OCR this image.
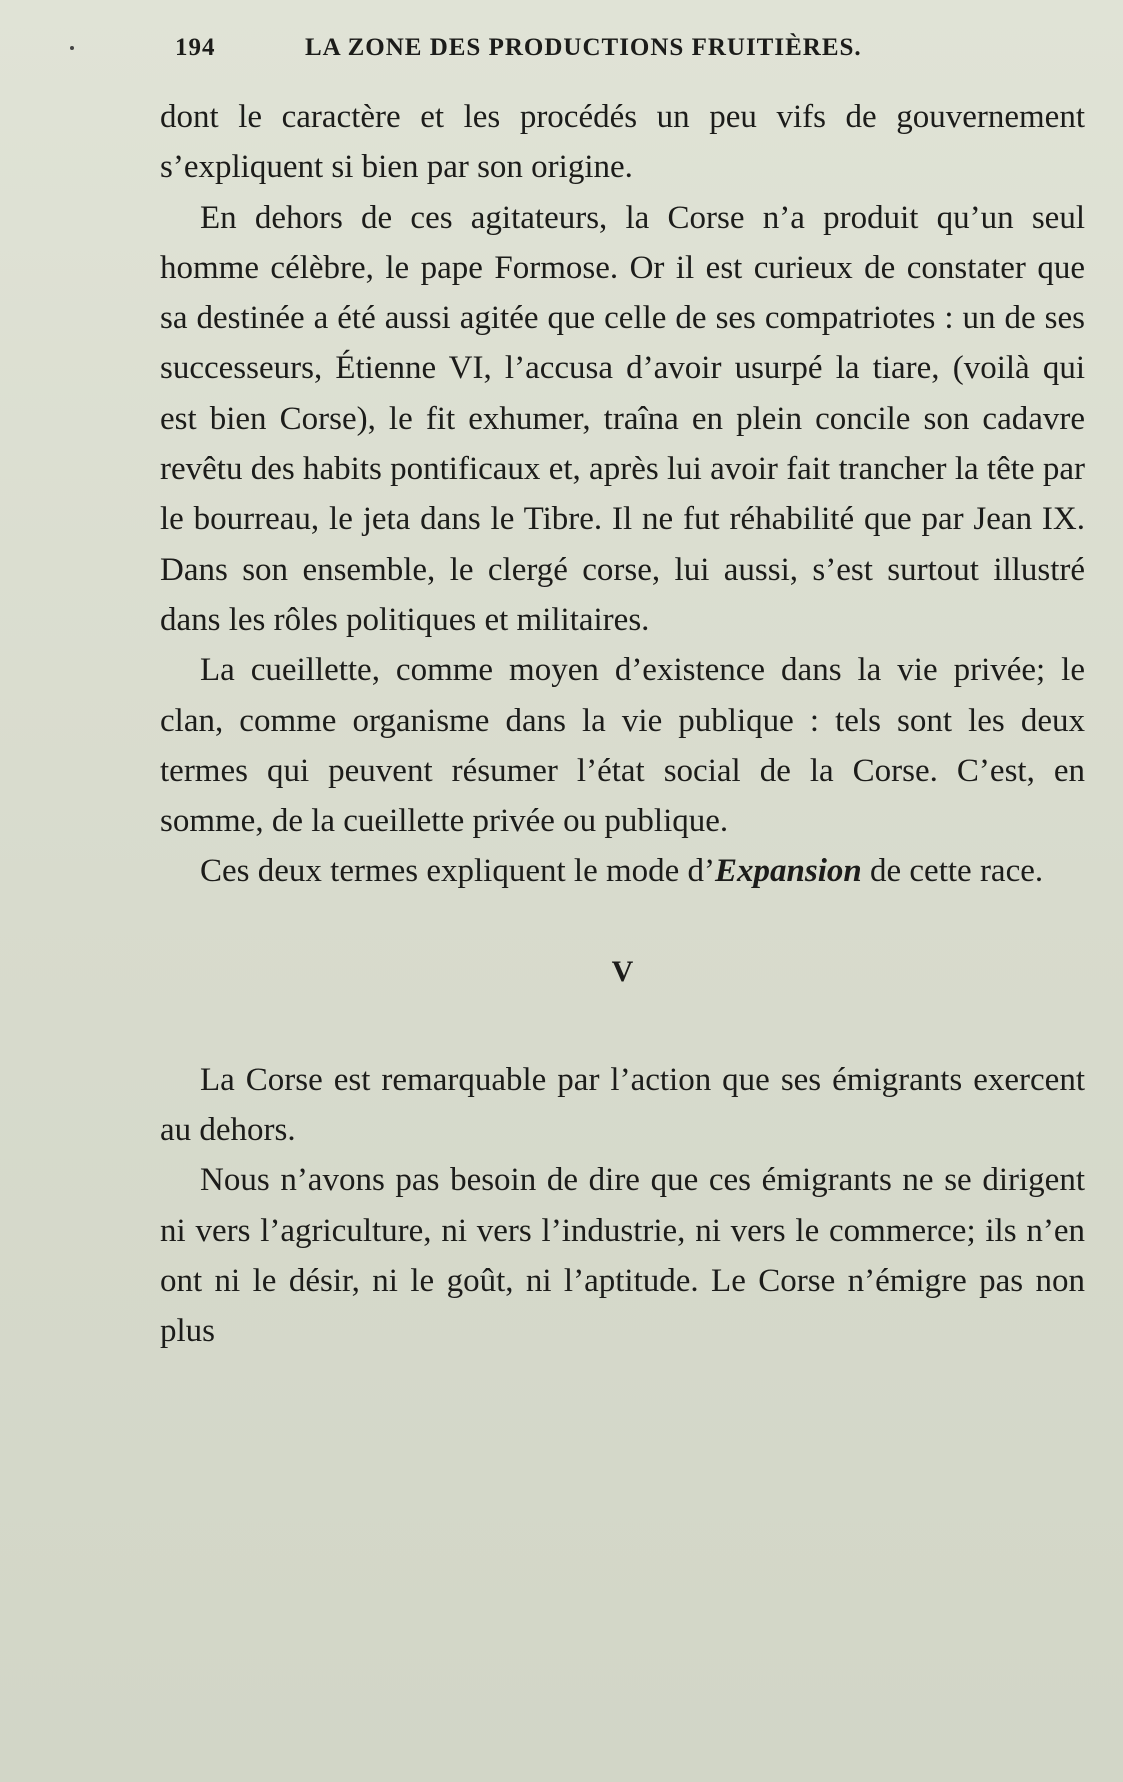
194	LA ZONE DES PRODUCTIONS FRUITIÈRES.

dont le caractère et les procédés un peu vifs de gouvernement s’expliquent si bien par son origine.

En dehors de ces agitateurs, la Corse n’a produit qu’un seul homme célèbre, le pape Formose. Or il est curieux de constater que sa destinée a été aussi agitée que celle de ses compatriotes : un de ses successeurs, Étienne VI, l’accusa d’avoir usurpé la tiare, (voilà qui est bien Corse), le fit exhumer, traîna en plein concile son cadavre revêtu des habits pontificaux et, après lui avoir fait trancher la tête par le bourreau, le jeta dans le Tibre. Il ne fut réhabilité que par Jean IX. Dans son ensemble, le clergé corse, lui aussi, s’est surtout illustré dans les rôles politiques et militaires.

La cueillette, comme moyen d’existence dans la vie privée; le clan, comme organisme dans la vie publique : tels sont les deux termes qui peuvent résumer l’état social de la Corse. C’est, en somme, de la cueillette privée ou publique.

Ces deux termes expliquent le mode d’Expansion de cette race.

V

La Corse est remarquable par l’action que ses émigrants exercent au dehors.

Nous n’avons pas besoin de dire que ces émigrants ne se dirigent ni vers l’agriculture, ni vers l’industrie, ni vers le commerce; ils n’en ont ni le désir, ni le goût, ni l’aptitude. Le Corse n’émigre pas non plus
